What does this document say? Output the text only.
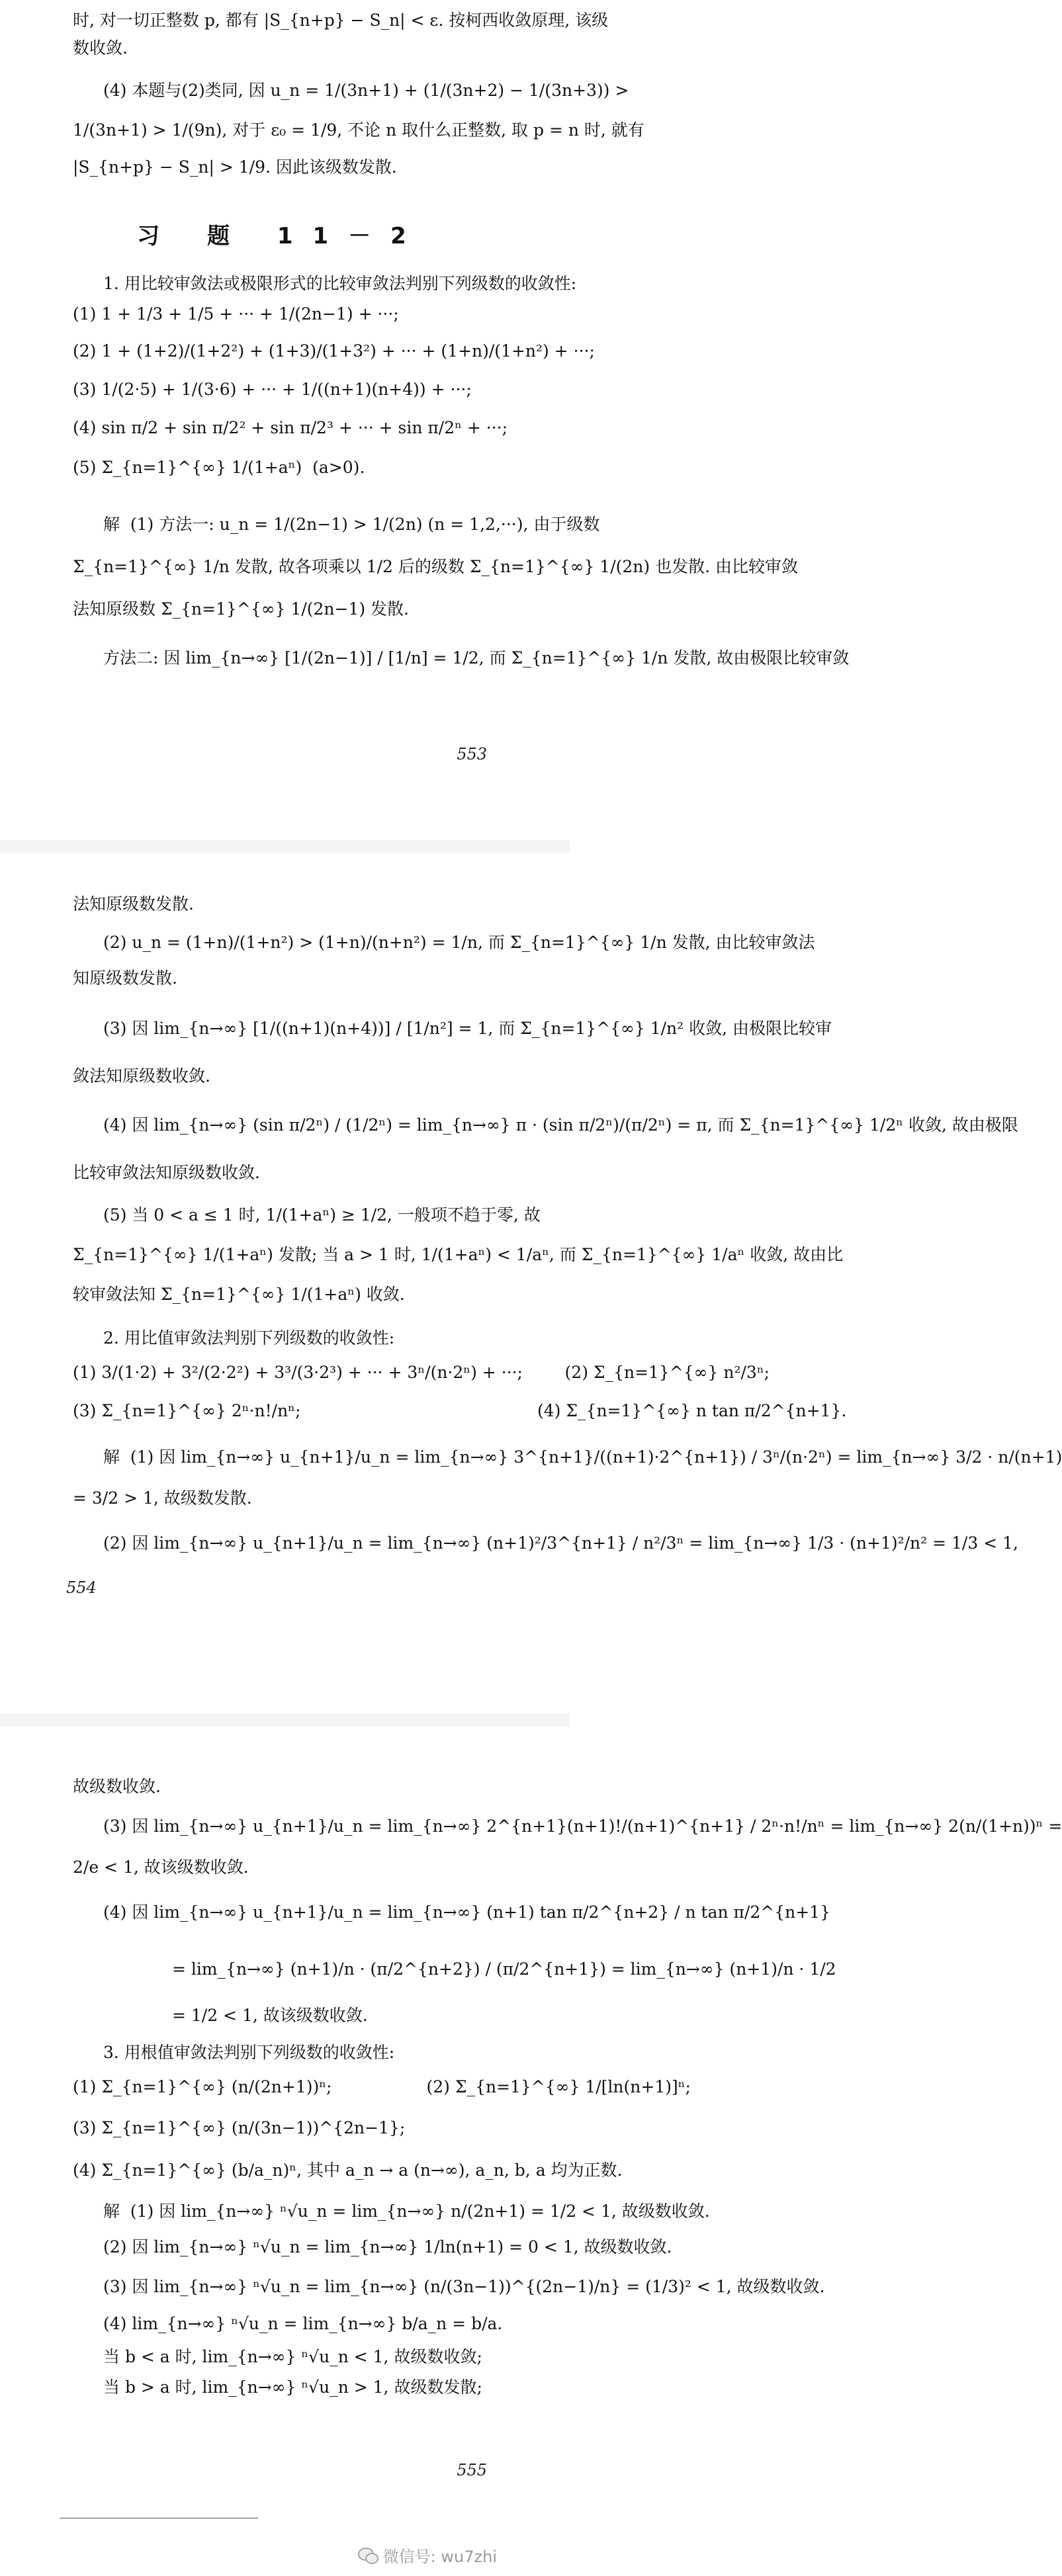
时, 对一切正整数 p, 都有 |S_{n+p} − S_n| < ε. 按柯西收敛原理, 该级
数收敛.
(4) 本题与(2)类同, 因 u_n = 1/(3n+1) + (1/(3n+2) − 1/(3n+3)) >
1/(3n+1) > 1/(9n), 对于 ε₀ = 1/9, 不论 n 取什么正整数, 取 p = n 时, 就有
|S_{n+p} − S_n| > 1/9. 因此该级数发散.
习 题 11－2
1. 用比较审敛法或极限形式的比较审敛法判别下列级数的收敛性:
(1) 1 + 1/3 + 1/5 + ··· + 1/(2n−1) + ···;
(2) 1 + (1+2)/(1+2²) + (1+3)/(1+3²) + ··· + (1+n)/(1+n²) + ···;
(3) 1/(2·5) + 1/(3·6) + ··· + 1/((n+1)(n+4)) + ···;
(4) sin π/2 + sin π/2² + sin π/2³ + ··· + sin π/2ⁿ + ···;
(5) Σ_{n=1}^{∞} 1/(1+aⁿ)  (a>0).
解  (1) 方法一: u_n = 1/(2n−1) > 1/(2n) (n = 1,2,···), 由于级数
Σ_{n=1}^{∞} 1/n 发散, 故各项乘以 1/2 后的级数 Σ_{n=1}^{∞} 1/(2n) 也发散. 由比较审敛
法知原级数 Σ_{n=1}^{∞} 1/(2n−1) 发散.
方法二: 因 lim_{n→∞} [1/(2n−1)] / [1/n] = 1/2, 而 Σ_{n=1}^{∞} 1/n 发散, 故由极限比较审敛
553
法知原级数发散.
(2) u_n = (1+n)/(1+n²) > (1+n)/(n+n²) = 1/n, 而 Σ_{n=1}^{∞} 1/n 发散, 由比较审敛法
知原级数发散.
(3) 因 lim_{n→∞} [1/((n+1)(n+4))] / [1/n²] = 1, 而 Σ_{n=1}^{∞} 1/n² 收敛, 由极限比较审
敛法知原级数收敛.
(4) 因 lim_{n→∞} (sin π/2ⁿ) / (1/2ⁿ) = lim_{n→∞} π · (sin π/2ⁿ)/(π/2ⁿ) = π, 而 Σ_{n=1}^{∞} 1/2ⁿ 收敛, 故由极限
比较审敛法知原级数收敛.
(5) 当 0 < a ≤ 1 时, 1/(1+aⁿ) ≥ 1/2, 一般项不趋于零, 故
Σ_{n=1}^{∞} 1/(1+aⁿ) 发散; 当 a > 1 时, 1/(1+aⁿ) < 1/aⁿ, 而 Σ_{n=1}^{∞} 1/aⁿ 收敛, 故由比
较审敛法知 Σ_{n=1}^{∞} 1/(1+aⁿ) 收敛.
2. 用比值审敛法判别下列级数的收敛性:
(1) 3/(1·2) + 3²/(2·2²) + 3³/(3·2³) + ··· + 3ⁿ/(n·2ⁿ) + ···;        (2) Σ_{n=1}^{∞} n²/3ⁿ;
(3) Σ_{n=1}^{∞} 2ⁿ·n!/nⁿ;                                             (4) Σ_{n=1}^{∞} n tan π/2^{n+1}.
解  (1) 因 lim_{n→∞} u_{n+1}/u_n = lim_{n→∞} 3^{n+1}/((n+1)·2^{n+1}) / 3ⁿ/(n·2ⁿ) = lim_{n→∞} 3/2 · n/(n+1)
= 3/2 > 1, 故级数发散.
(2) 因 lim_{n→∞} u_{n+1}/u_n = lim_{n→∞} (n+1)²/3^{n+1} / n²/3ⁿ = lim_{n→∞} 1/3 · (n+1)²/n² = 1/3 < 1,
554
故级数收敛.
(3) 因 lim_{n→∞} u_{n+1}/u_n = lim_{n→∞} 2^{n+1}(n+1)!/(n+1)^{n+1} / 2ⁿ·n!/nⁿ = lim_{n→∞} 2(n/(1+n))ⁿ =
2/e < 1, 故该级数收敛.
(4) 因 lim_{n→∞} u_{n+1}/u_n = lim_{n→∞} (n+1) tan π/2^{n+2} / n tan π/2^{n+1}
= lim_{n→∞} (n+1)/n · (π/2^{n+2}) / (π/2^{n+1}) = lim_{n→∞} (n+1)/n · 1/2
= 1/2 < 1, 故该级数收敛.
3. 用根值审敛法判别下列级数的收敛性:
(1) Σ_{n=1}^{∞} (n/(2n+1))ⁿ;                  (2) Σ_{n=1}^{∞} 1/[ln(n+1)]ⁿ;
(3) Σ_{n=1}^{∞} (n/(3n−1))^{2n−1};
(4) Σ_{n=1}^{∞} (b/a_n)ⁿ, 其中 a_n → a (n→∞), a_n, b, a 均为正数.
解  (1) 因 lim_{n→∞} ⁿ√u_n = lim_{n→∞} n/(2n+1) = 1/2 < 1, 故级数收敛.
(2) 因 lim_{n→∞} ⁿ√u_n = lim_{n→∞} 1/ln(n+1) = 0 < 1, 故级数收敛.
(3) 因 lim_{n→∞} ⁿ√u_n = lim_{n→∞} (n/(3n−1))^{(2n−1)/n} = (1/3)² < 1, 故级数收敛.
(4) lim_{n→∞} ⁿ√u_n = lim_{n→∞} b/a_n = b/a.
当 b < a 时, lim_{n→∞} ⁿ√u_n < 1, 故级数收敛;
当 b > a 时, lim_{n→∞} ⁿ√u_n > 1, 故级数发散;
555
微信号: wu7zhi
